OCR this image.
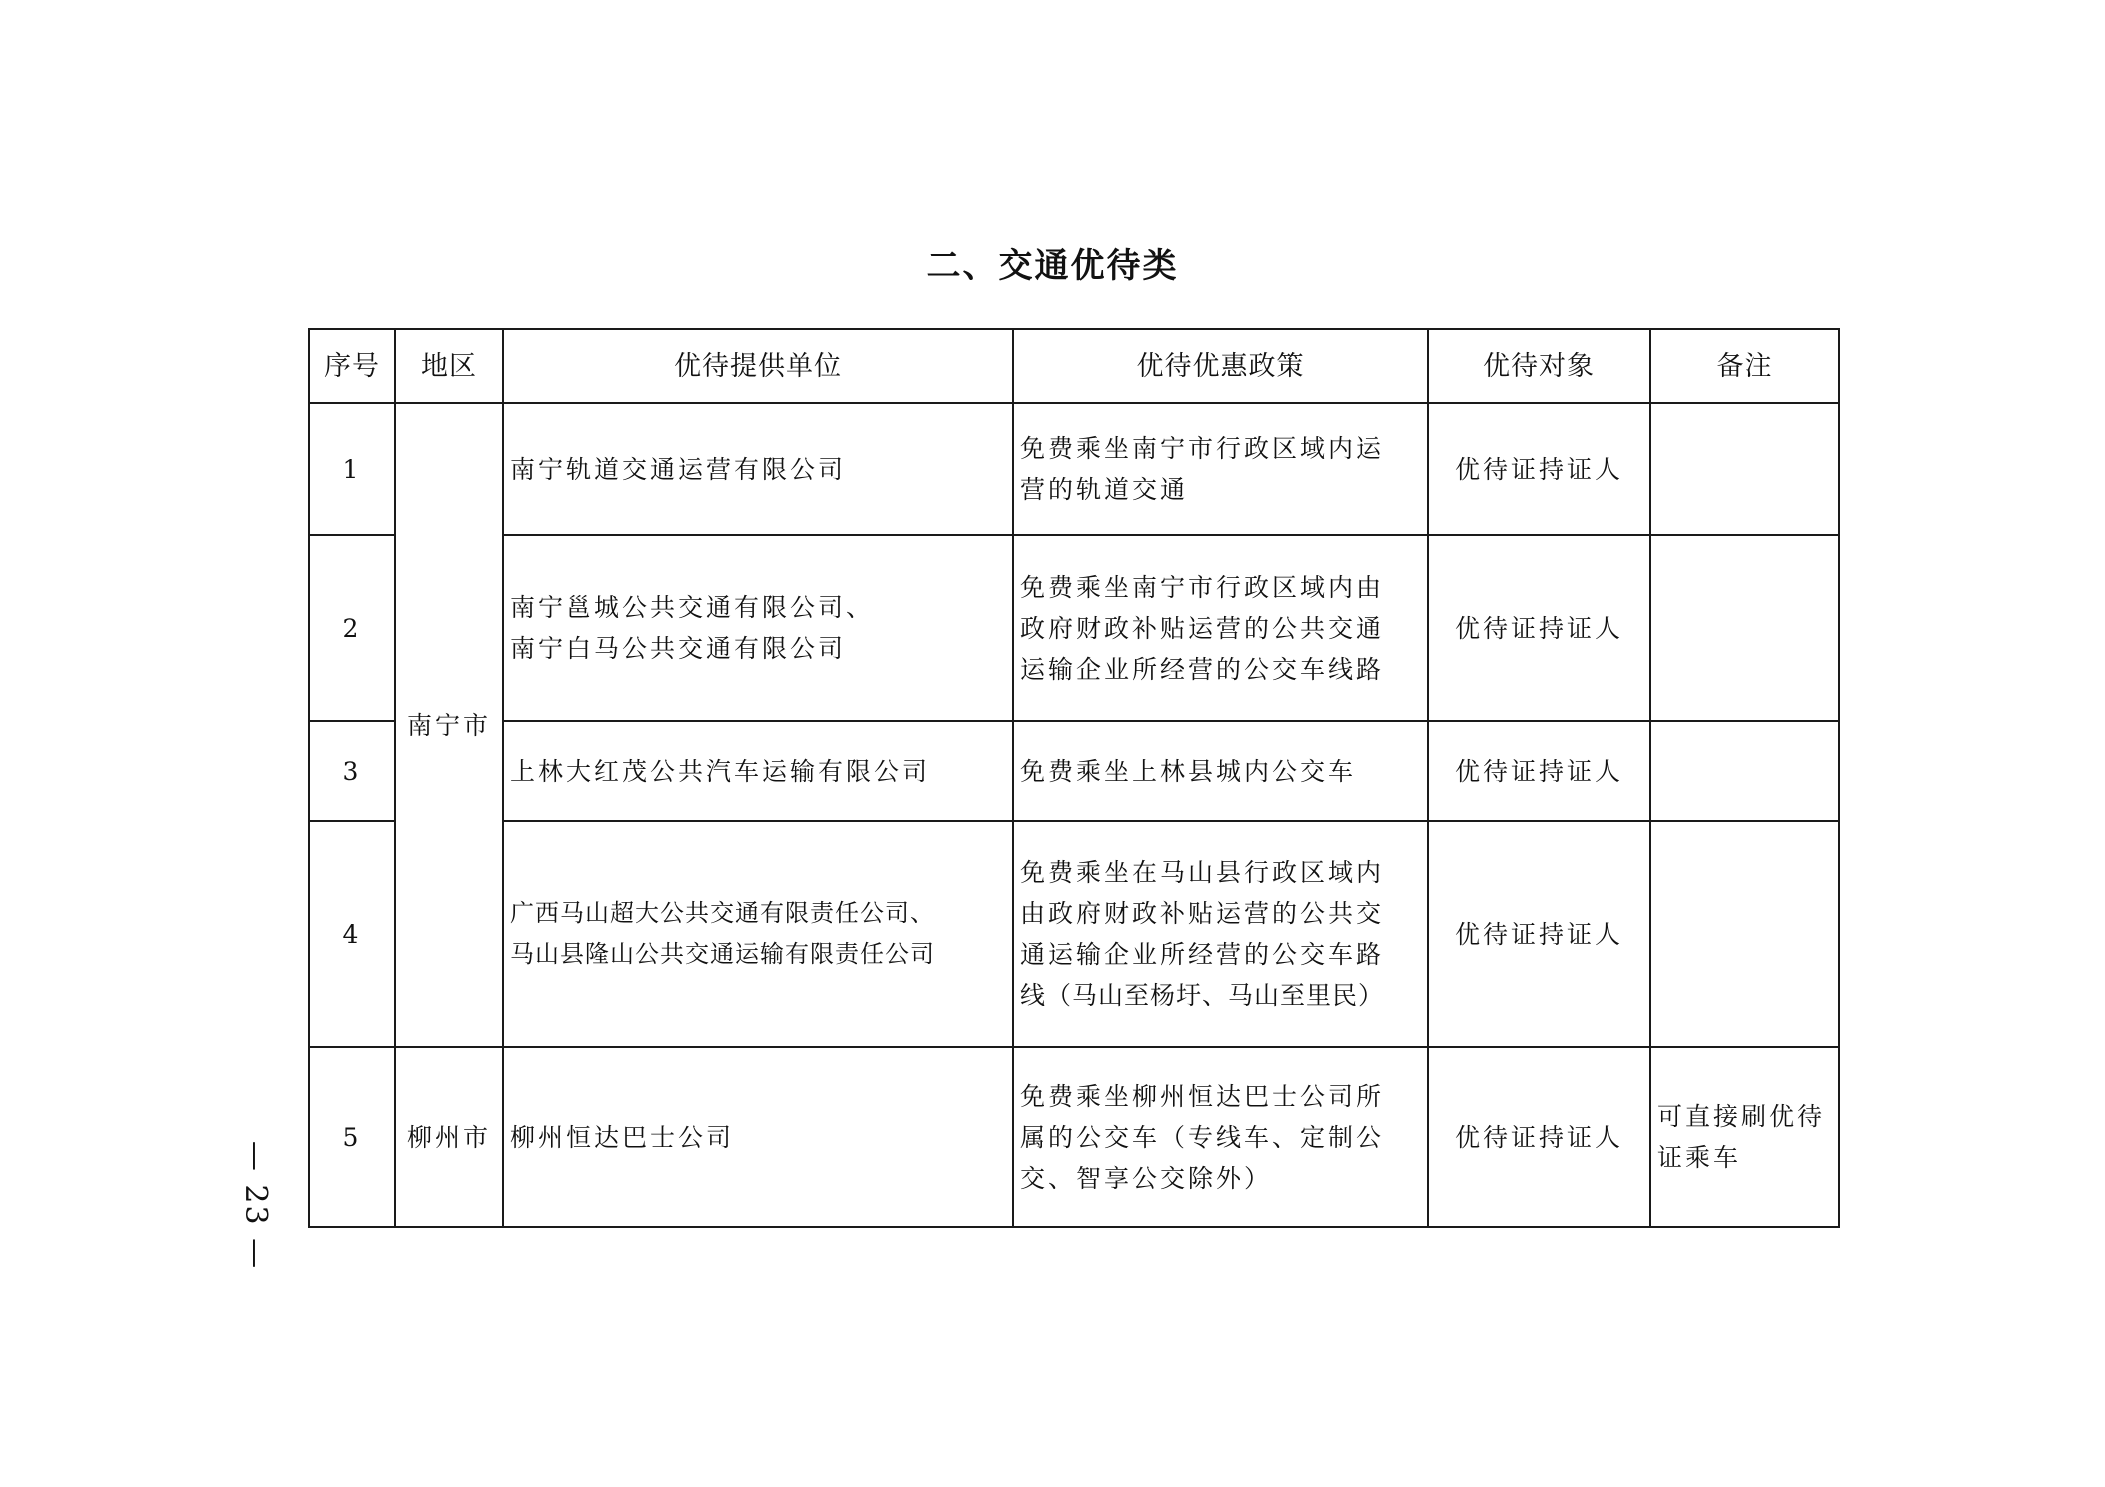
二、交通优待类
序号	地区	优待提供单位	优待优惠政策	优待对象	备注
1	南宁市	南宁轨道交通运营有限公司	免费乘坐南宁市行政区域内运
营的轨道交通	优待证持证人	
2		南宁邕城公共交通有限公司、
南宁白马公共交通有限公司	免费乘坐南宁市行政区域内由
政府财政补贴运营的公共交通
运输企业所经营的公交车线路	优待证持证人	
3		上林大红茂公共汽车运输有限公司	免费乘坐上林县城内公交车	优待证持证人	
4		广西马山超大公共交通有限责任公司、
马山县隆山公共交通运输有限责任公司	免费乘坐在马山县行政区域内
由政府财政补贴运营的公共交
通运输企业所经营的公交车路
线（马山至杨圩、马山至里民）	优待证持证人	
5	柳州市	柳州恒达巴士公司	免费乘坐柳州恒达巴士公司所
属的公交车（专线车、定制公
交、智享公交除外）	优待证持证人	可直接刷优待
证乘车
— 23 —
